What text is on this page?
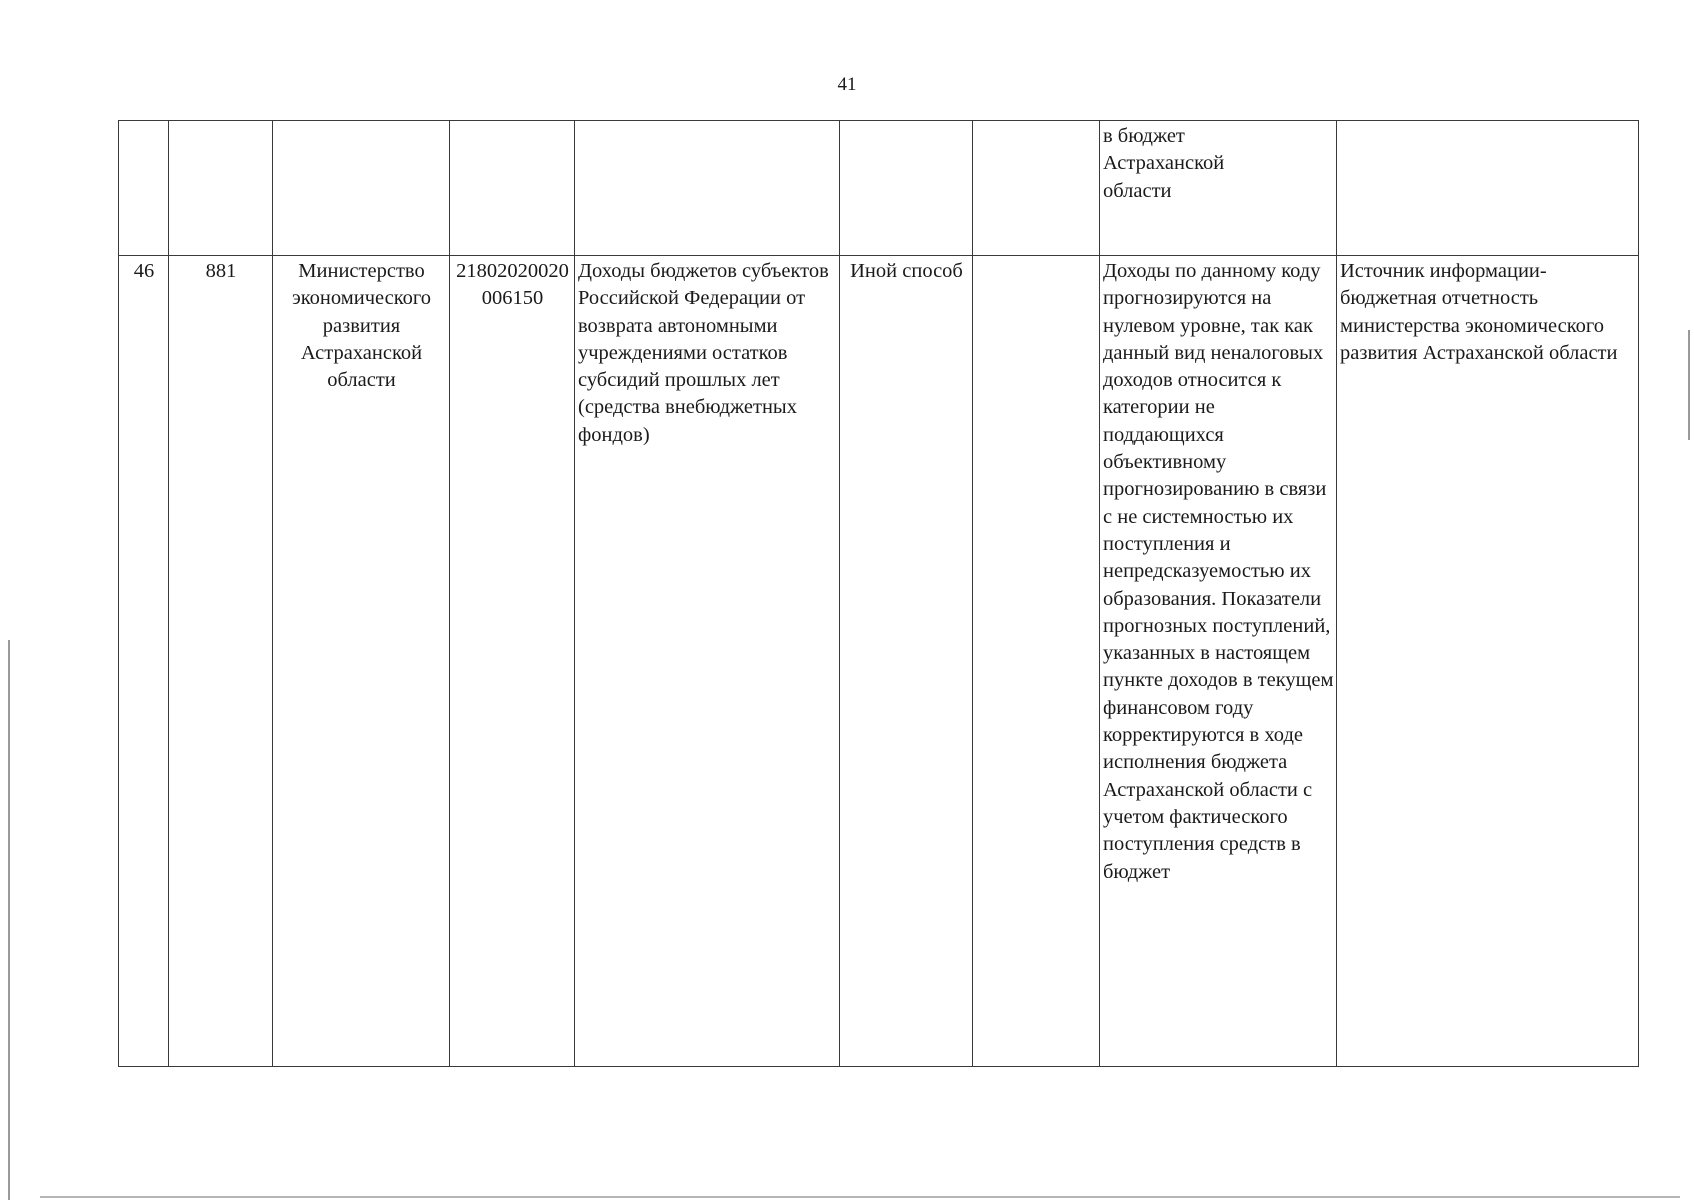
41
							в бюджет
Астраханской
области	
46	881	Министерство экономического развития Астраханской области	21802020020006150	Доходы бюджетов субъектов Российской Федерации от возврата автономными учреждениями остатков субсидий прошлых лет (средства внебюджетных фондов)	Иной способ		Доходы по данному коду прогнозируются на нулевом уровне, так как данный вид неналоговых доходов относится к категории не поддающихся объективному прогнозированию в связи с не системностью их поступления и непредсказуемостью их образования. Показатели прогнозных поступлений, указанных в настоящем пункте доходов в текущем финансовом году корректируются в ходе исполнения бюджета Астраханской области с учетом фактического поступления средств в бюджет	Источник информации-бюджетная отчетность министерства экономического развития Астраханской области
